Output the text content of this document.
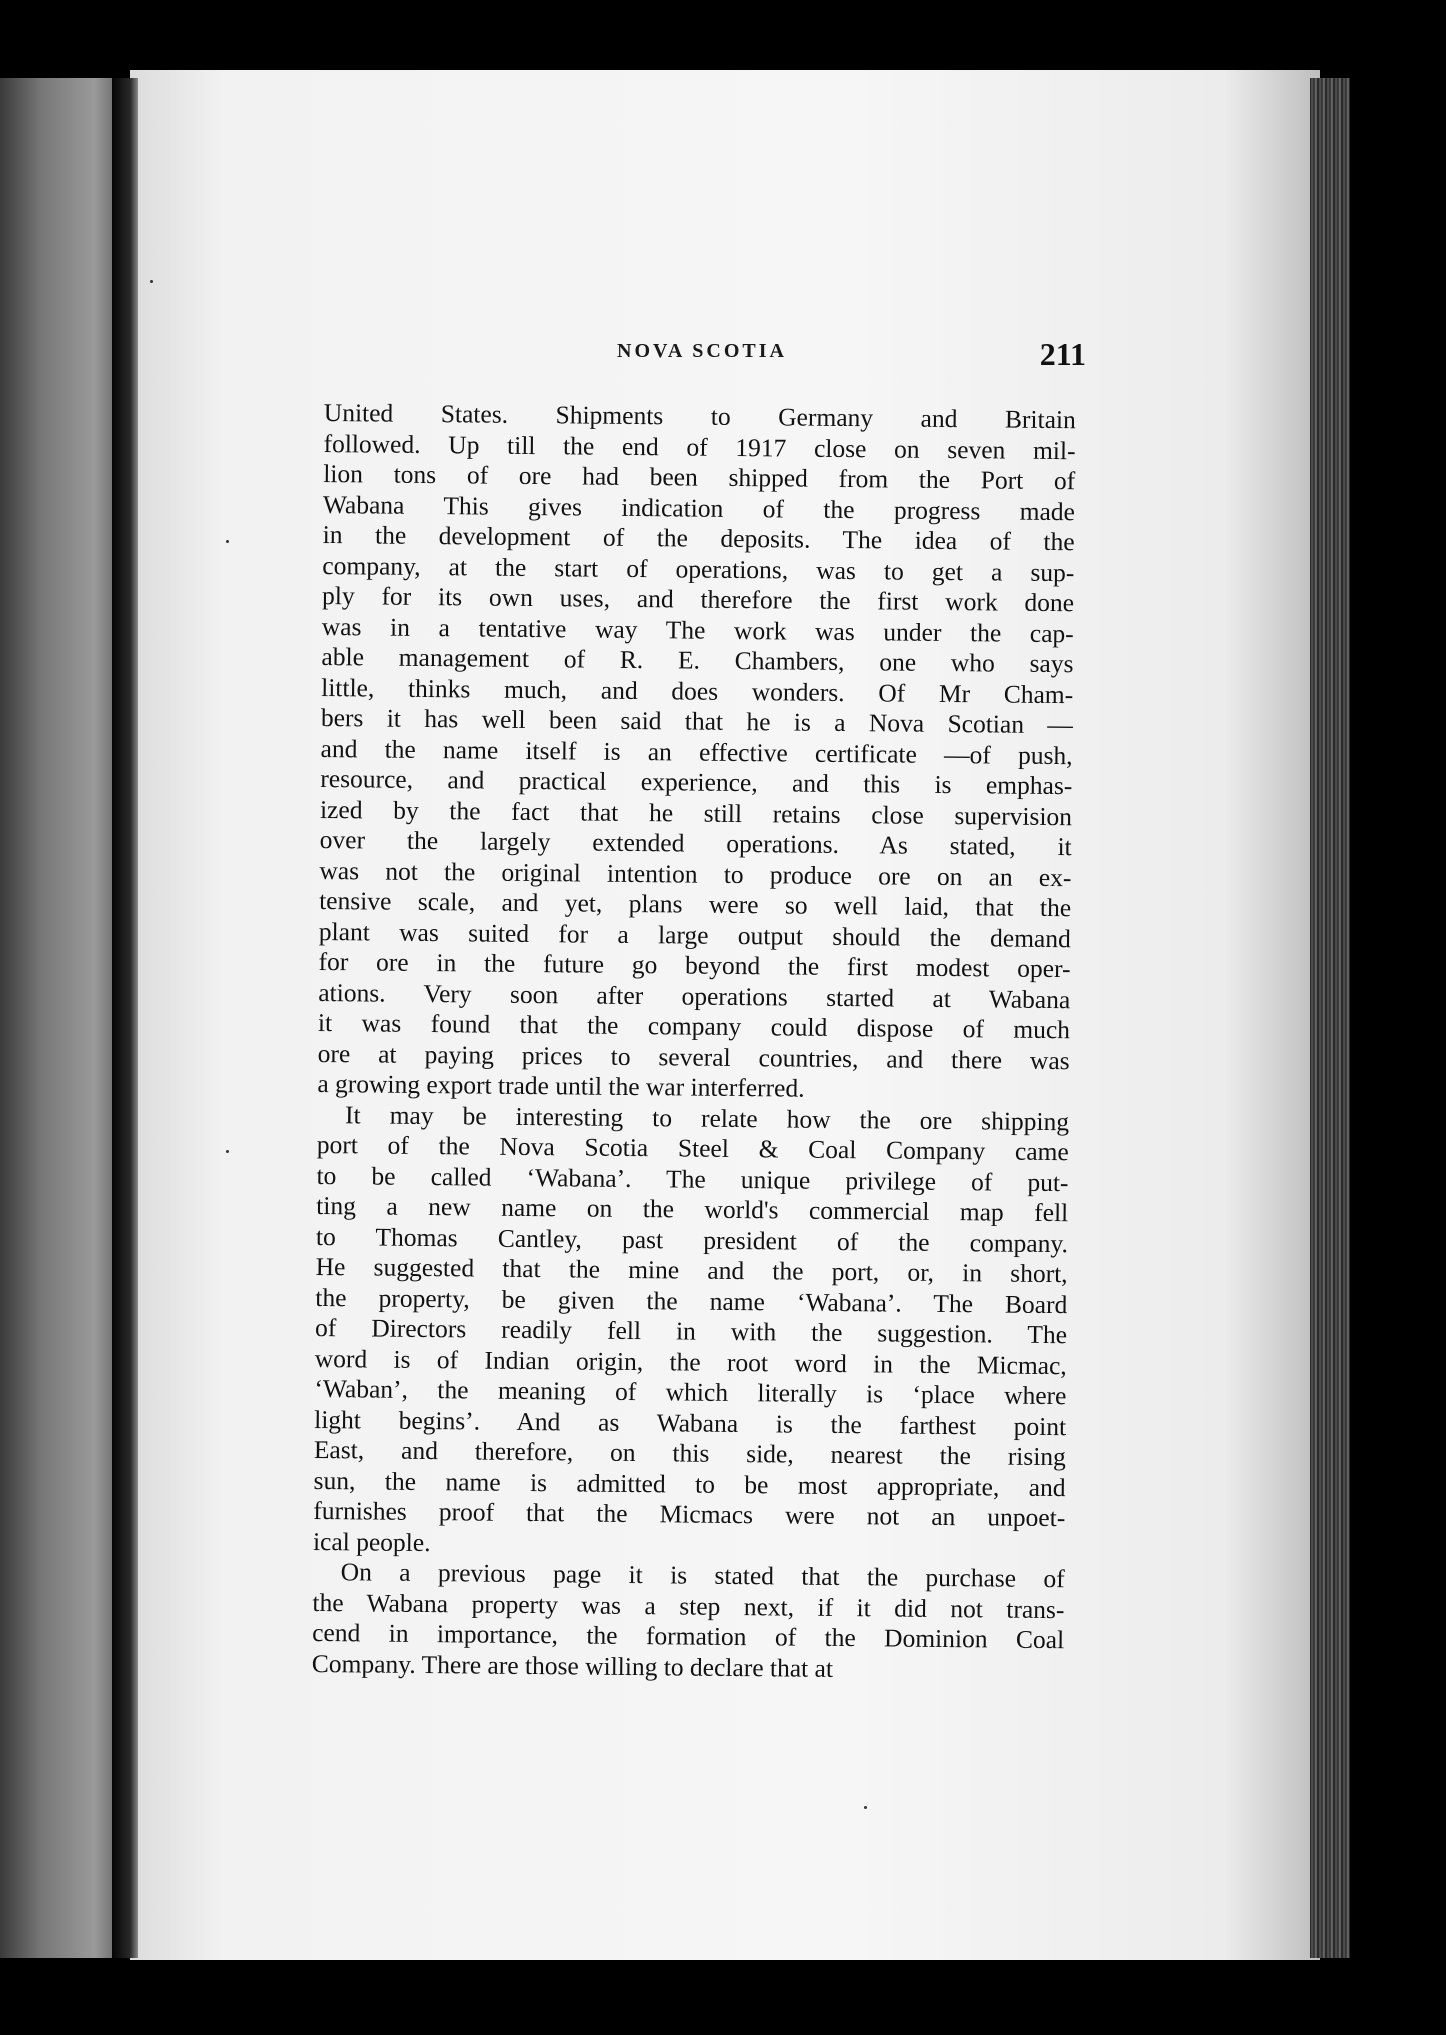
NOVA SCOTIA	211
United States. Shipments to Germany and Britain
followed. Up till the end of 1917 close on seven mil-
lion tons of ore had been shipped from the Port of
Wabana This gives indication of the progress made
in the development of the deposits. The idea of the
company, at the start of operations, was to get a sup-
ply for its own uses, and therefore the first work done
was in a tentative way The work was under the cap-
able management of R. E. Chambers, one who says
little, thinks much, and does wonders. Of Mr Cham-
bers it has well been said that he is a Nova Scotian —
and the name itself is an effective certificate —of push,
resource, and practical experience, and this is emphas-
ized by the fact that he still retains close supervision
over the largely extended operations. As stated, it
was not the original intention to produce ore on an ex-
tensive scale, and yet, plans were so well laid, that the
plant was suited for a large output should the demand
for ore in the future go beyond the first modest oper-
ations. Very soon after operations started at Wabana
it was found that the company could dispose of much
ore at paying prices to several countries, and there was
a growing export trade until the war interferred.
It may be interesting to relate how the ore shipping
port of the Nova Scotia Steel & Coal Company came
to be called ‘Wabana’. The unique privilege of put-
ting a new name on the world's commercial map fell
to Thomas Cantley, past president of the company.
He suggested that the mine and the port, or, in short,
the property, be given the name ‘Wabana’. The Board
of Directors readily fell in with the suggestion. The
word is of Indian origin, the root word in the Micmac,
‘Waban’, the meaning of which literally is ‘place where
light begins’. And as Wabana is the farthest point
East, and therefore, on this side, nearest the rising
sun, the name is admitted to be most appropriate, and
furnishes proof that the Micmacs were not an unpoet-
ical people.
On a previous page it is stated that the purchase of
the Wabana property was a step next, if it did not trans-
cend in importance, the formation of the Dominion Coal
Company. There are those willing to declare that at
